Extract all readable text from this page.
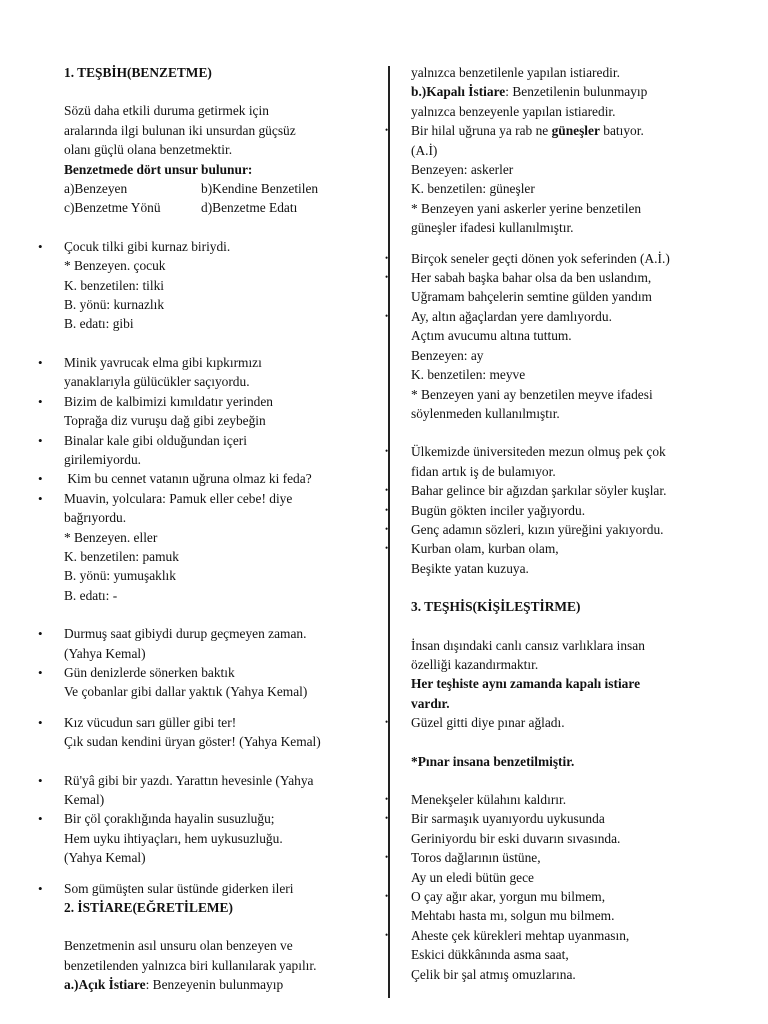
1. TEŞBİH(BENZETME)
Sözü daha etkili duruma getirmek için
aralarında ilgi bulunan iki unsurdan güçsüz
olanı güçlü olana benzetmektir.
Benzetmede dört unsur bulunur:
a)Benzeyen	b)Kendine Benzetilen
c)Benzetme Yönü	d)Benzetme Edatı
• Çocuk tilki gibi kurnaz biriydi.
* Benzeyen. çocuk
K. benzetilen: tilki
B. yönü: kurnazlık
B. edatı: gibi
• Minik yavrucak elma gibi kıpkırmızı
yanaklarıyla gülücükler saçıyordu.
• Bizim de kalbimizi kımıldatır yerinden
Toprağa diz vuruşu dağ gibi zeybeğin
• Binalar kale gibi olduğundan içeri
girilemiyordu.
•  Kim bu cennet vatanın uğruna olmaz ki feda?
• Muavin, yolculara: Pamuk eller cebe! diye
bağrıyordu.
* Benzeyen. eller
K. benzetilen: pamuk
B. yönü: yumuşaklık
B. edatı: -
• Durmuş saat gibiydi durup geçmeyen zaman.
(Yahya Kemal)
• Gün denizlerde sönerken baktık
Ve çobanlar gibi dallar yaktık (Yahya Kemal)
• Kız vücudun sarı güller gibi ter!
Çık sudan kendini üryan göster! (Yahya Kemal)
• Rü'yâ gibi bir yazdı. Yarattın hevesinle (Yahya
Kemal)
• Bir çöl çoraklığında hayalin susuzluğu;
Hem uyku ihtiyaçları, hem uykusuzluğu.
(Yahya Kemal)
• Som gümüşten sular üstünde giderken ileri
2. İSTİARE(EĞRETİLEME)
Benzetmenin asıl unsuru olan benzeyen ve
benzetilenden yalnızca biri kullanılarak yapılır.
a.)Açık İstiare: Benzeyenin bulunmayıp
yalnızca benzetilenle yapılan istiaredir.
b.)Kapalı İstiare: Benzetilenin bulunmayıp
yalnızca benzeyenle yapılan istiaredir.
• Bir hilal uğruna ya rab ne güneşler batıyor.
(A.İ)
Benzeyen: askerler
K. benzetilen: güneşler
* Benzeyen yani askerler yerine benzetilen
güneşler ifadesi kullanılmıştır.
• Birçok seneler geçti dönen yok seferinden (A.İ.)
• Her sabah başka bahar olsa da ben uslandım,
Uğramam bahçelerin semtine gülden yandım
• Ay, altın ağaçlardan yere damlıyordu.
Açtım avucumu altına tuttum.
Benzeyen: ay
K. benzetilen: meyve
* Benzeyen yani ay benzetilen meyve ifadesi
söylenmeden kullanılmıştır.
• Ülkemizde üniversiteden mezun olmuş pek çok
fidan artık iş de bulamıyor.
• Bahar gelince bir ağızdan şarkılar söyler kuşlar.
• Bugün gökten inciler yağıyordu.
• Genç adamın sözleri, kızın yüreğini yakıyordu.
• Kurban olam, kurban olam,
Beşikte yatan kuzuya.
3. TEŞHİS(KİŞİLEŞTİRME)
İnsan dışındaki canlı cansız varlıklara insan
özelliği kazandırmaktır.
Her teşhiste aynı zamanda kapalı istiare
vardır.
• Güzel gitti diye pınar ağladı.
*Pınar insana benzetilmiştir.
• Menekşeler külahını kaldırır.
• Bir sarmaşık uyanıyordu uykusunda
Geriniyordu bir eski duvarın sıvasında.
• Toros dağlarının üstüne,
Ay un eledi bütün gece
• O çay ağır akar, yorgun mu bilmem,
Mehtabı hasta mı, solgun mu bilmem.
• Aheste çek kürekleri mehtap uyanmasın,
Eskici dükkânında asma saat,
Çelik bir şal atmış omuzlarına.
